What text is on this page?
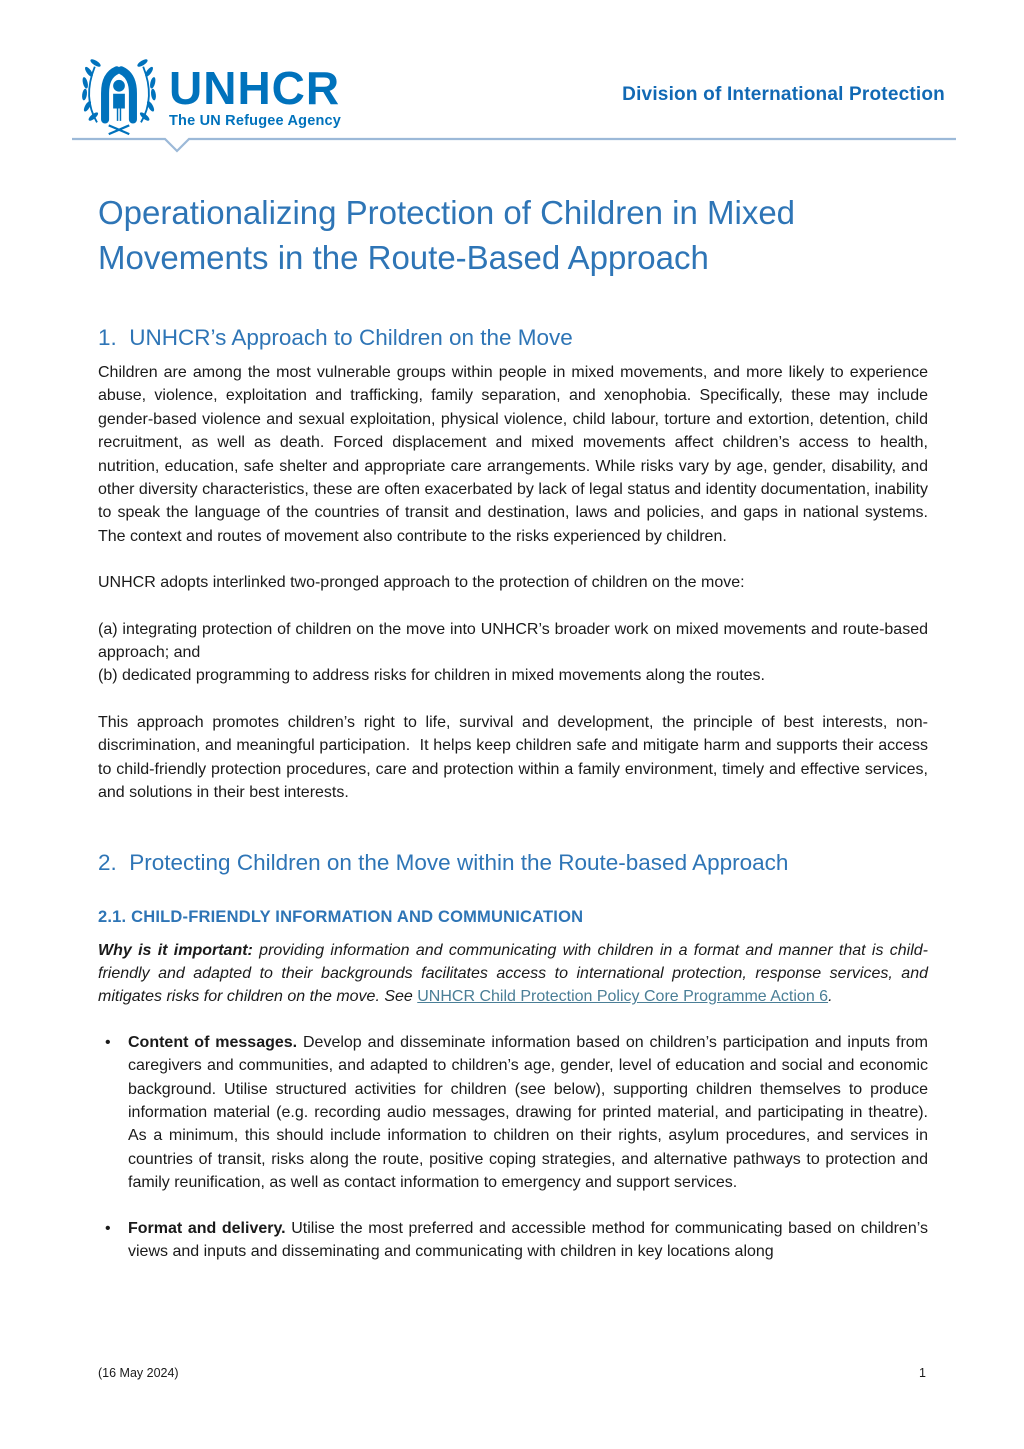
UNHCR
The UN Refugee Agency
Division of International Protection
Operationalizing Protection of Children in Mixed Movements in the Route-Based Approach
1.  UNHCR’s Approach to Children on the Move

Children are among the most vulnerable groups within people in mixed movements, and more likely to experience abuse, violence, exploitation and trafficking, family separation, and xenophobia. Specifically, these may include gender-based violence and sexual exploitation, physical violence, child labour, torture and extortion, detention, child recruitment, as well as death. Forced displacement and mixed movements affect children’s access to health, nutrition, education, safe shelter and appropriate care arrangements. While risks vary by age, gender, disability, and other diversity characteristics, these are often exacerbated by lack of legal status and identity documentation, inability to speak the language of the countries of transit and destination, laws and policies, and gaps in national systems. The context and routes of movement also contribute to the risks experienced by children.

UNHCR adopts interlinked two-pronged approach to the protection of children on the move:

(a) integrating protection of children on the move into UNHCR’s broader work on mixed movements and route-based approach; and

(b) dedicated programming to address risks for children in mixed movements along the routes.

This approach promotes children’s right to life, survival and development, the principle of best interests, non-discrimination, and meaningful participation.  It helps keep children safe and mitigate harm and supports their access to child-friendly protection procedures, care and protection within a family environment, timely and effective services, and solutions in their best interests.

2.  Protecting Children on the Move within the Route-based Approach
2.1. CHILD-FRIENDLY INFORMATION AND COMMUNICATION

Why is it important: providing information and communicating with children in a format and manner that is child-friendly and adapted to their backgrounds facilitates access to international protection, response services, and mitigates risks for children on the move. See UNHCR Child Protection Policy Core Programme Action 6.

•	Content of messages. Develop and disseminate information based on children’s participation and inputs from caregivers and communities, and adapted to children’s age, gender, level of education and social and economic background. Utilise structured activities for children (see below), supporting children themselves to produce information material (e.g. recording audio messages, drawing for printed material, and participating in theatre). As a minimum, this should include information to children on their rights, asylum procedures, and services in countries of transit, risks along the route, positive coping strategies, and alternative pathways to protection and family reunification, as well as contact information to emergency and support services.
•	Format and delivery. Utilise the most preferred and accessible method for communicating based on children’s views and inputs and disseminating and communicating with children in key locations along
(16 May 2024)	1
